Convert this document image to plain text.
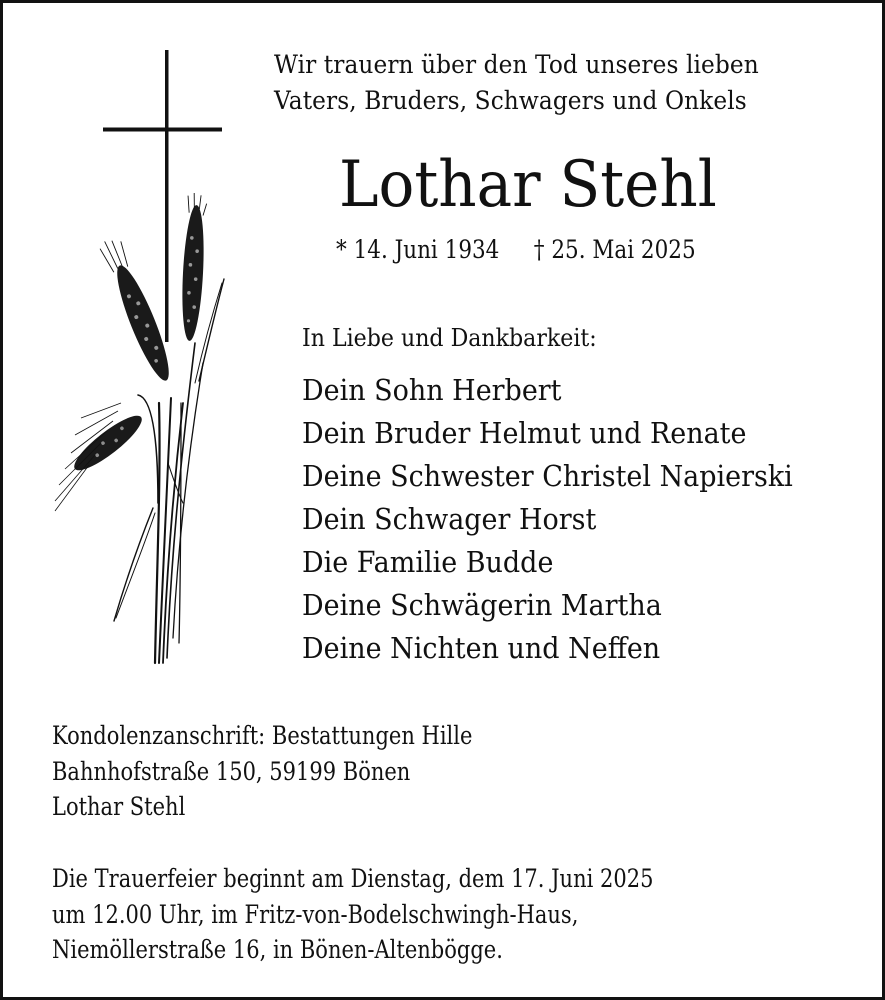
Wir trauern über den Tod unseres lieben
Vaters, Bruders, Schwagers und Onkels
Lothar Stehl
* 14. Juni 1934 † 25. Mai 2025
In Liebe und Dankbarkeit:
Dein Sohn Herbert
Dein Bruder Helmut und Renate
Deine Schwester Christel Napierski
Dein Schwager Horst
Die Familie Budde
Deine Schwägerin Martha
Deine Nichten und Neffen
Kondolenzanschrift: Bestattungen Hille
Bahnhofstraße 150, 59199 Bönen
Lothar Stehl
Die Trauerfeier beginnt am Dienstag, dem 17. Juni 2025
um 12.00 Uhr, im Fritz-von-Bodelschwingh-Haus,
Niemöllerstraße 16, in Bönen-Altenbögge.
